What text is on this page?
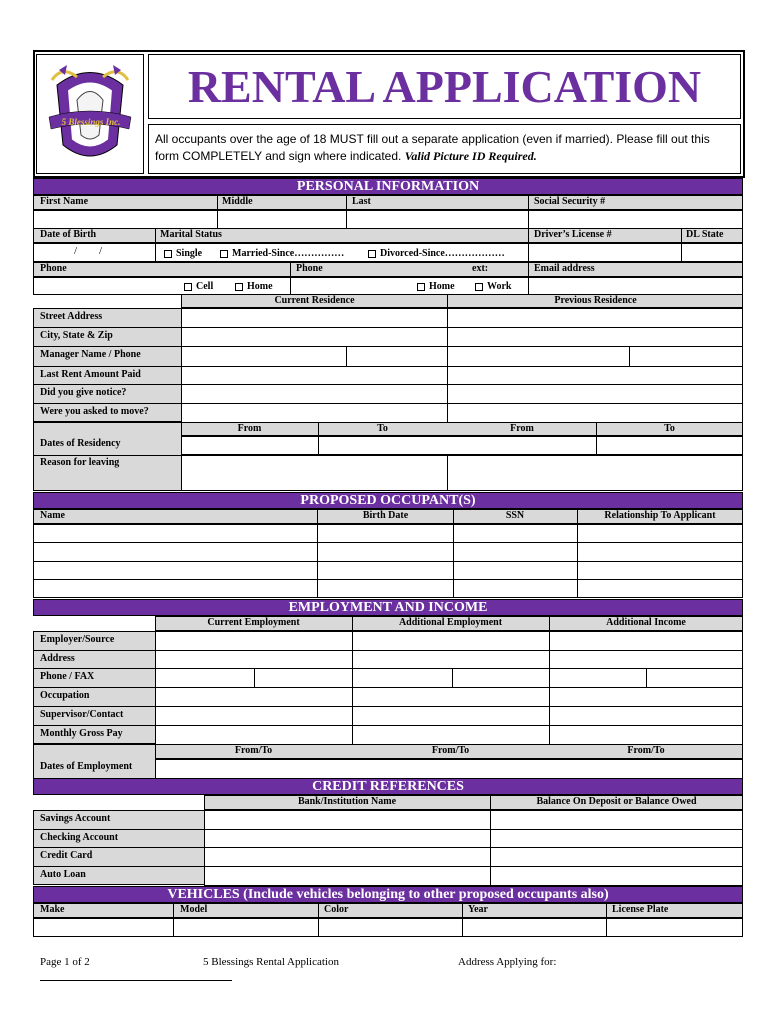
5 Blessings Inc.
RENTAL APPLICATION
All occupants over the age of 18 MUST fill out a separate application (even if married). Please fill out this form COMPLETELY and sign where indicated. Valid Picture ID Required.
PERSONAL INFORMATION
First Name	Middle	Last	Social Security #
Date of Birth	Marital Status	Driver’s License #	DL State
/        /	Single	Married-Since……………	Divorced-Since………………
Phone	Phone	ext:	Email address
Cell	Home	Home	Work
Current Residence	Previous Residence
Street Address
City, State & Zip
Manager Name / Phone
Last Rent Amount Paid
Did you give notice?
Were you asked to move?
From	To	From	To
Dates of Residency
Reason for leaving
PROPOSED OCCUPANT(S)
Name	Birth Date	SSN	Relationship To Applicant
EMPLOYMENT AND INCOME
Current Employment	Additional Employment	Additional Income
Employer/Source
Address
Phone / FAX
Occupation
Supervisor/Contact
Monthly Gross Pay
From/To	From/To	From/To
Dates of Employment
CREDIT REFERENCES
Bank/Institution Name	Balance On Deposit or Balance Owed
Savings Account
Checking Account
Credit Card
Auto Loan
VEHICLES (Include vehicles belonging to other proposed occupants also)
Make	Model	Color	Year	License Plate
Page 1 of 2	5 Blessings Rental Application	Address Applying for:
